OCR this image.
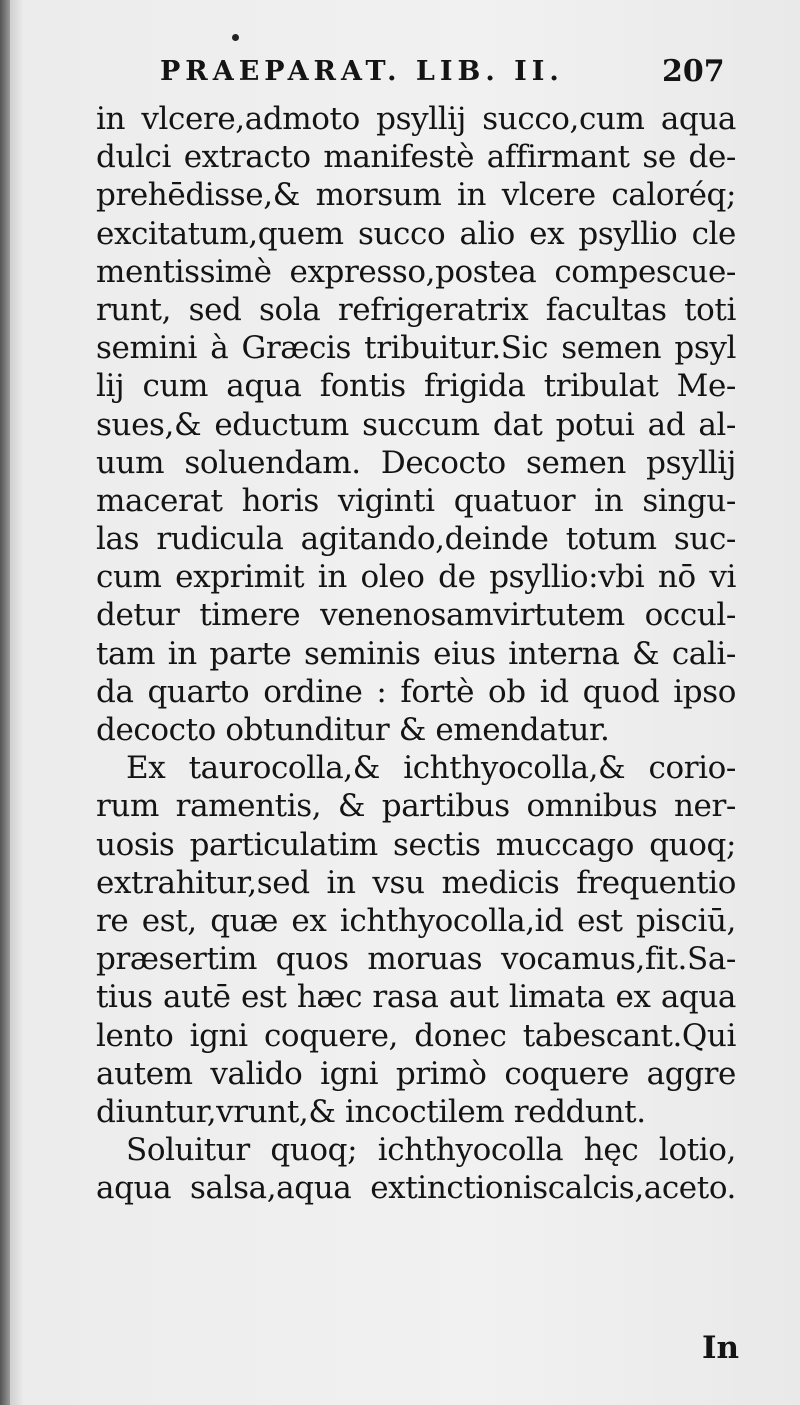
PRAEPARAT. LIB. II.	207
in vlcere,admoto psyllij succo,cum aqua
dulci extracto manifestè affirmant se de-
prehēdisse,& morsum in vlcere caloréq;
excitatum,quem succo alio ex psyllio cle
mentissimè expresso,postea compescue-
runt, sed sola refrigeratrix facultas toti
semini à Græcis tribuitur.Sic semen psyl
lij cum aqua fontis frigida tribulat Me-
sues,& eductum succum dat potui ad al-
uum soluendam. Decocto semen psyllij
macerat horis viginti quatuor in singu-
las rudicula agitando,deinde totum suc-
cum exprimit in oleo de psyllio:vbi nō vi
detur timere venenosamvirtutem occul-
tam in parte seminis eius interna & cali-
da quarto ordine : fortè ob id quod ipso
decocto obtunditur & emendatur.
Ex taurocolla,& ichthyocolla,& corio-
rum ramentis, & partibus omnibus ner-
uosis particulatim sectis muccago quoq;
extrahitur,sed in vsu medicis frequentio
re est, quæ ex ichthyocolla,id est pisciū,
præsertim quos moruas vocamus,fit.Sa-
tius autē est hæc rasa aut limata ex aqua
lento igni coquere, donec tabescant.Qui
autem valido igni primò coquere aggre
diuntur,vrunt,& incoctilem reddunt.
Soluitur quoq; ichthyocolla hęc lotio,
aqua salsa,aqua extinctioniscalcis,aceto.
In
